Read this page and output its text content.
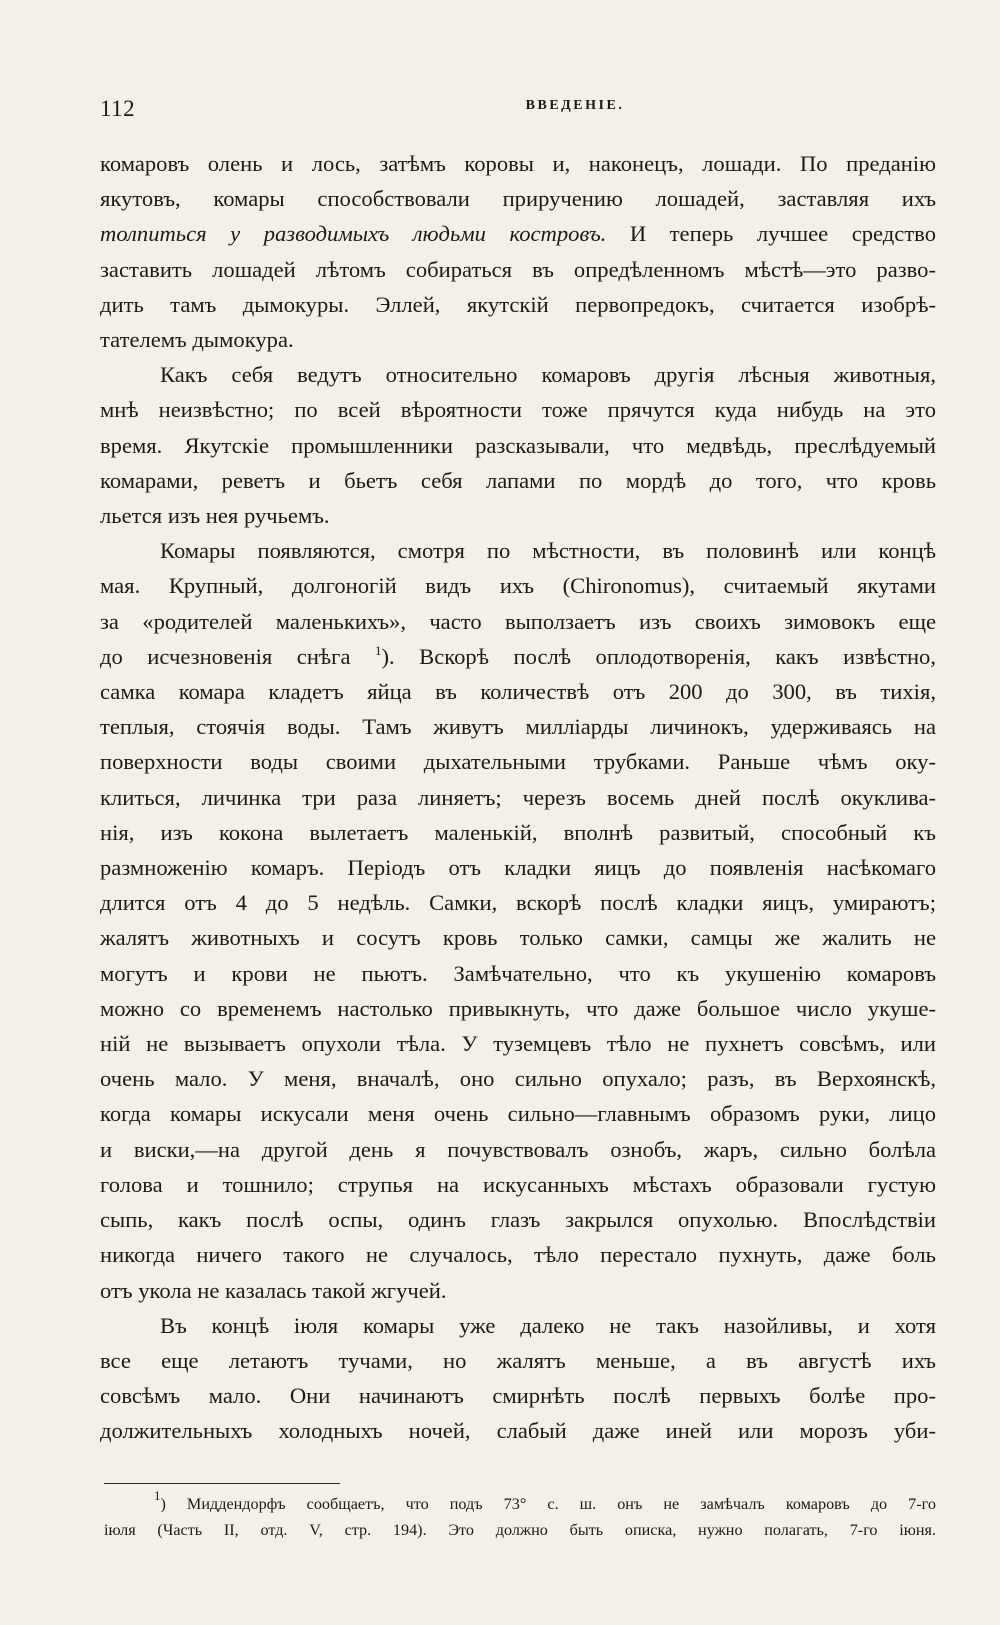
112	ВВЕДЕНІЕ.

комаровъ олень и лось, затѣмъ коровы и, наконецъ, лошади. По преданію
якутовъ, комары способствовали приручению лошадей, заставляя ихъ
толпиться у разводимыхъ людьми костровъ. И теперь лучшее средство
заставить лошадей лѣтомъ собираться въ опредѣленномъ мѣстѣ—это разво-
дить тамъ дымокуры. Эллей, якутскій первопредокъ, считается изобрѣ-
тателемъ дымокура.

Какъ себя ведутъ относительно комаровъ другія лѣсныя животныя,

мнѣ неизвѣстно; по всей вѣроятности тоже прячутся куда нибудь на это
время. Якутскіе промышленники разсказывали, что медвѣдь, преслѣдуемый
комарами, реветъ и бьетъ себя лапами по мордѣ до того, что кровь
льется изъ нея ручьемъ.

Комары появляются, смотря по мѣстности, въ половинѣ или концѣ

мая. Крупный, долгоногій видъ ихъ (Chironomus), считаемый якутами
за «родителей маленькихъ», часто выползаетъ изъ своихъ зимовокъ еще
до исчезновенія снѣга $^1$). Вскорѣ послѣ оплодотворенія, какъ извѣстно,
самка комара кладетъ яйца въ количествѣ отъ 200 до 300, въ тихія,
теплыя, стоячія воды. Тамъ живутъ милліарды личинокъ, удерживаясь на
поверхности воды своими дыхательными трубками. Раньше чѣмъ оку-
клиться, личинка три раза линяетъ; черезъ восемь дней послѣ окуклива-
нія, изъ кокона вылетаетъ маленькій, вполнѣ развитый, способный къ
размноженію комаръ. Періодъ отъ кладки яицъ до появленія насѣкомаго
длится отъ 4 до 5 недѣль. Самки, вскорѣ послѣ кладки яицъ, умираютъ;
жалятъ животныхъ и сосутъ кровь только самки, самцы же жалить не
могутъ и крови не пьютъ. Замѣчательно, что къ укушенію комаровъ
можно со временемъ настолько привыкнуть, что даже большое число укуше-
ній не вызываетъ опухоли тѣла. У туземцевъ тѣло не пухнетъ совсѣмъ, или
очень мало. У меня, вначалѣ, оно сильно опухало; разъ, въ Верхоянскѣ,
когда комары искусали меня очень сильно—главнымъ образомъ руки, лицо
и виски,—на другой день я почувствовалъ ознобъ, жаръ, сильно болѣла
голова и тошнило; струпья на искусанныхъ мѣстахъ образовали густую
сыпь, какъ послѣ оспы, одинъ глазъ закрылся опухолью. Впослѣдствіи
никогда ничего такого не случалось, тѣло перестало пухнуть, даже боль
отъ укола не казалась такой жгучей.

Въ концѣ іюля комары уже далеко не такъ назойливы, и хотя

все еще летаютъ тучами, но жалятъ меньше, а въ августѣ ихъ
совсѣмъ мало. Они начинаютъ смирнѣть послѣ первыхъ болѣе про-
должительныхъ холодныхъ ночей, слабый даже иней или морозъ уби-

$^1$) Миддендорфъ сообщаетъ, что подъ 73° с. ш. онъ не замѣчалъ комаровъ до 7-го
іюля (Часть II, отд. V, стр. 194). Это должно быть описка, нужно полагать, 7-го іюня.
